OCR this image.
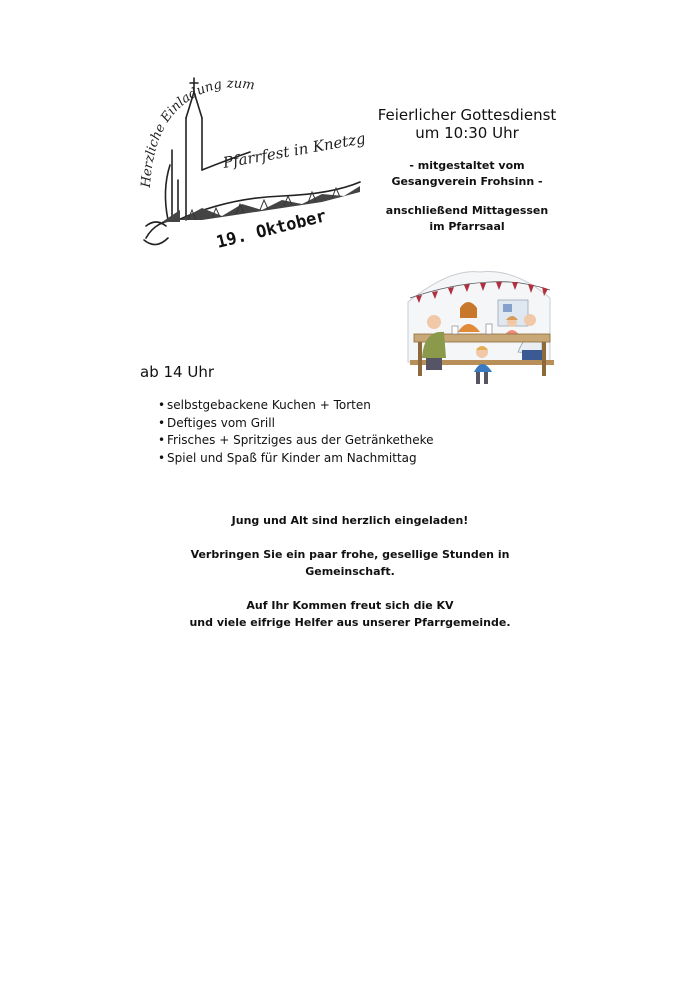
Herzliche Einladung zum
Pfarrfest in Knetzgau
19. Oktober
Feierlicher Gottesdienst
um 10:30 Uhr
- mitgestaltet vom
Gesangverein Frohsinn -
anschließend Mittagessen
im Pfarrsaal
ab 14 Uhr
• selbstgebackene Kuchen + Torten
• Deftiges vom Grill
• Frisches + Spritziges aus der Getränketheke
• Spiel und Spaß für Kinder am Nachmittag

Jung und Alt sind herzlich eingeladen!

Verbringen Sie ein paar frohe, gesellige Stunden in
Gemeinschaft.

Auf Ihr Kommen freut sich die KV
und viele eifrige Helfer aus unserer Pfarrgemeinde.
